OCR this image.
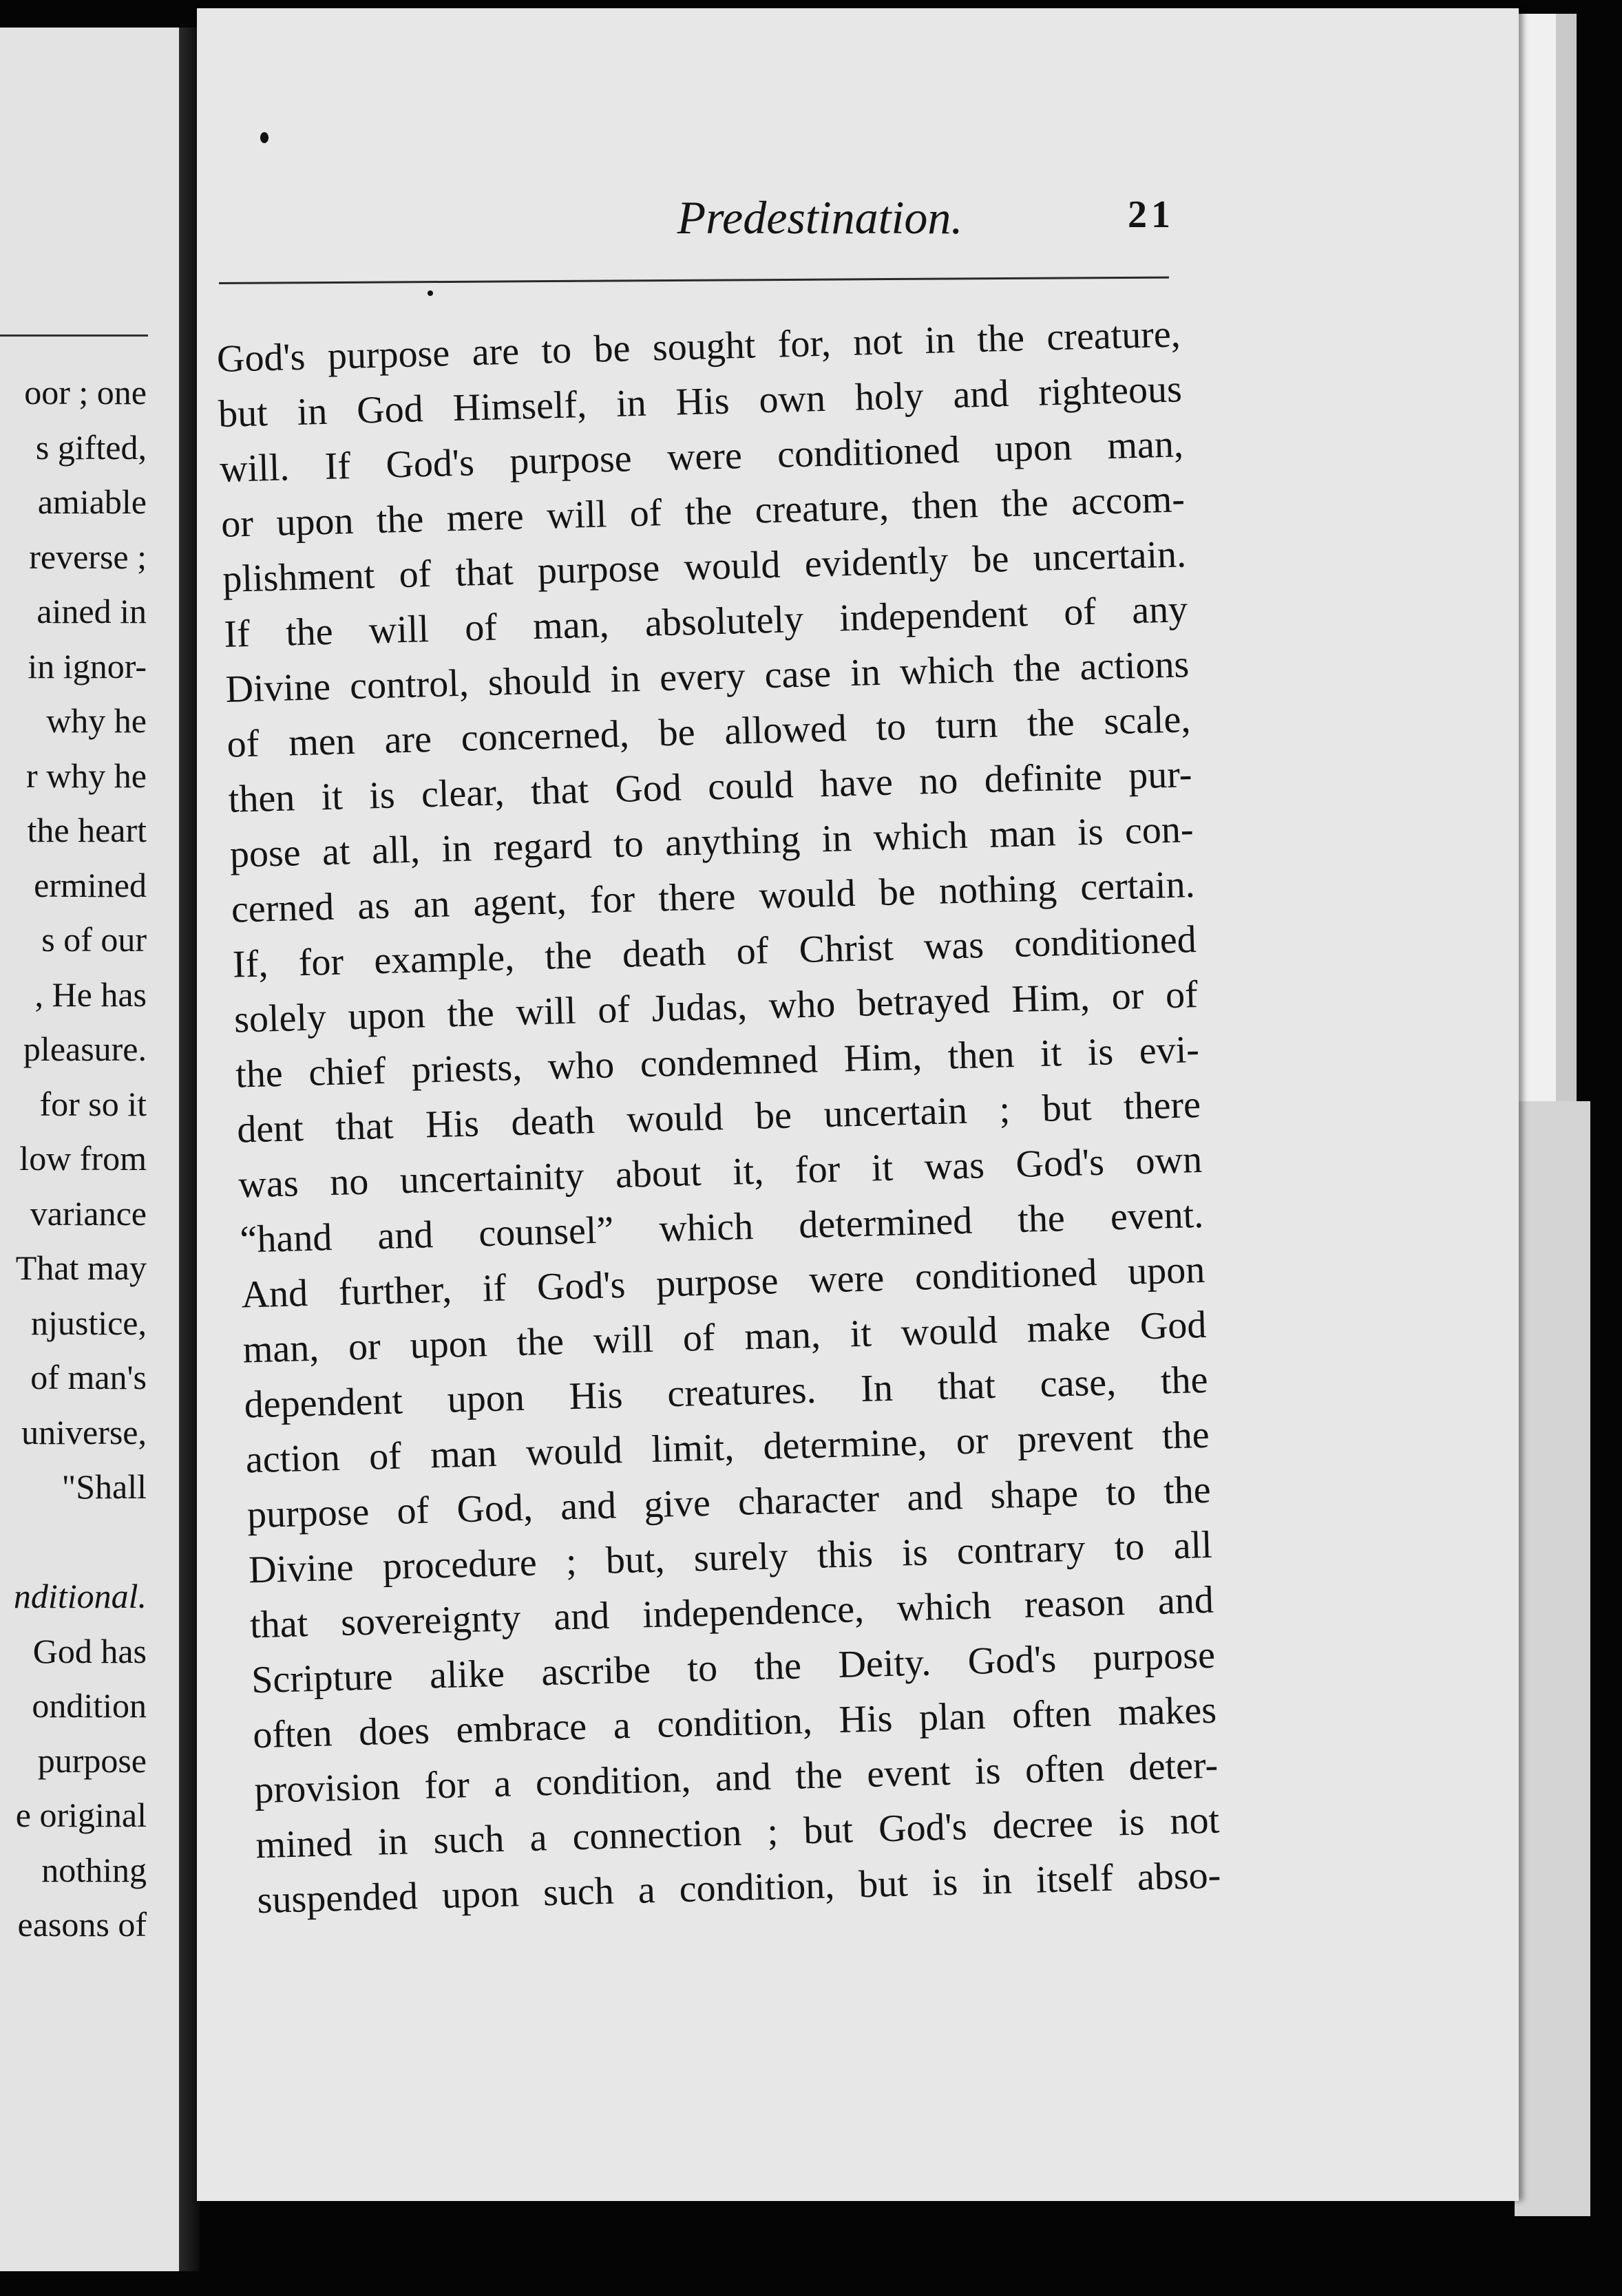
oor ; one
s gifted,
amiable
reverse ;
ained in
in ignor-
why he
r why he
the heart
ermined
s of our
, He has
pleasure.
for so it
low from
variance
That may
njustice,
of man's
universe,
"Shall
nditional.
God has
ondition
purpose
e original
nothing
easons of
Predestination.	21
God's purpose are to be sought for, not in the creature,
but in God Himself, in His own holy and righteous
will. If God's purpose were conditioned upon man,
or upon the mere will of the creature, then the accom-
plishment of that purpose would evidently be uncertain.
If the will of man, absolutely independent of any
Divine control, should in every case in which the actions
of men are concerned, be allowed to turn the scale,
then it is clear, that God could have no definite pur-
pose at all, in regard to anything in which man is con-
cerned as an agent, for there would be nothing certain.
If, for example, the death of Christ was conditioned
solely upon the will of Judas, who betrayed Him, or of
the chief priests, who condemned Him, then it is evi-
dent that His death would be uncertain ; but there
was no uncertainity about it, for it was God's own
“hand and counsel” which determined the event.
And further, if God's purpose were conditioned upon
man, or upon the will of man, it would make God
dependent upon His creatures. In that case, the
action of man would limit, determine, or prevent the
purpose of God, and give character and shape to the
Divine procedure ; but, surely this is contrary to all
that sovereignty and independence, which reason and
Scripture alike ascribe to the Deity. God's purpose
often does embrace a condition, His plan often makes
provision for a condition, and the event is often deter-
mined in such a connection ; but God's decree is not
suspended upon such a condition, but is in itself abso-
